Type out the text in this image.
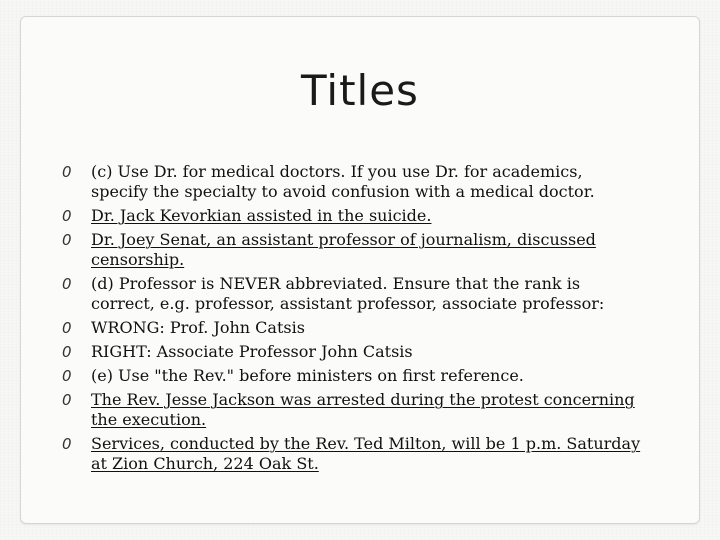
Titles
0 (c) Use Dr. for medical doctors. If you use Dr. for academics, specify the specialty to avoid confusion with a medical doctor.
0 Dr. Jack Kevorkian assisted in the suicide.
0 Dr. Joey Senat, an assistant professor of journalism, discussed censorship.
0 (d) Professor is NEVER abbreviated. Ensure that the rank is correct, e.g. professor, assistant professor, associate professor:
0 WRONG: Prof. John Catsis
0 RIGHT: Associate Professor John Catsis
0 (e) Use "the Rev." before ministers on first reference.
0 The Rev. Jesse Jackson was arrested during the protest concerning the execution.
0 Services, conducted by the Rev. Ted Milton, will be 1 p.m. Saturday at Zion Church, 224 Oak St.
